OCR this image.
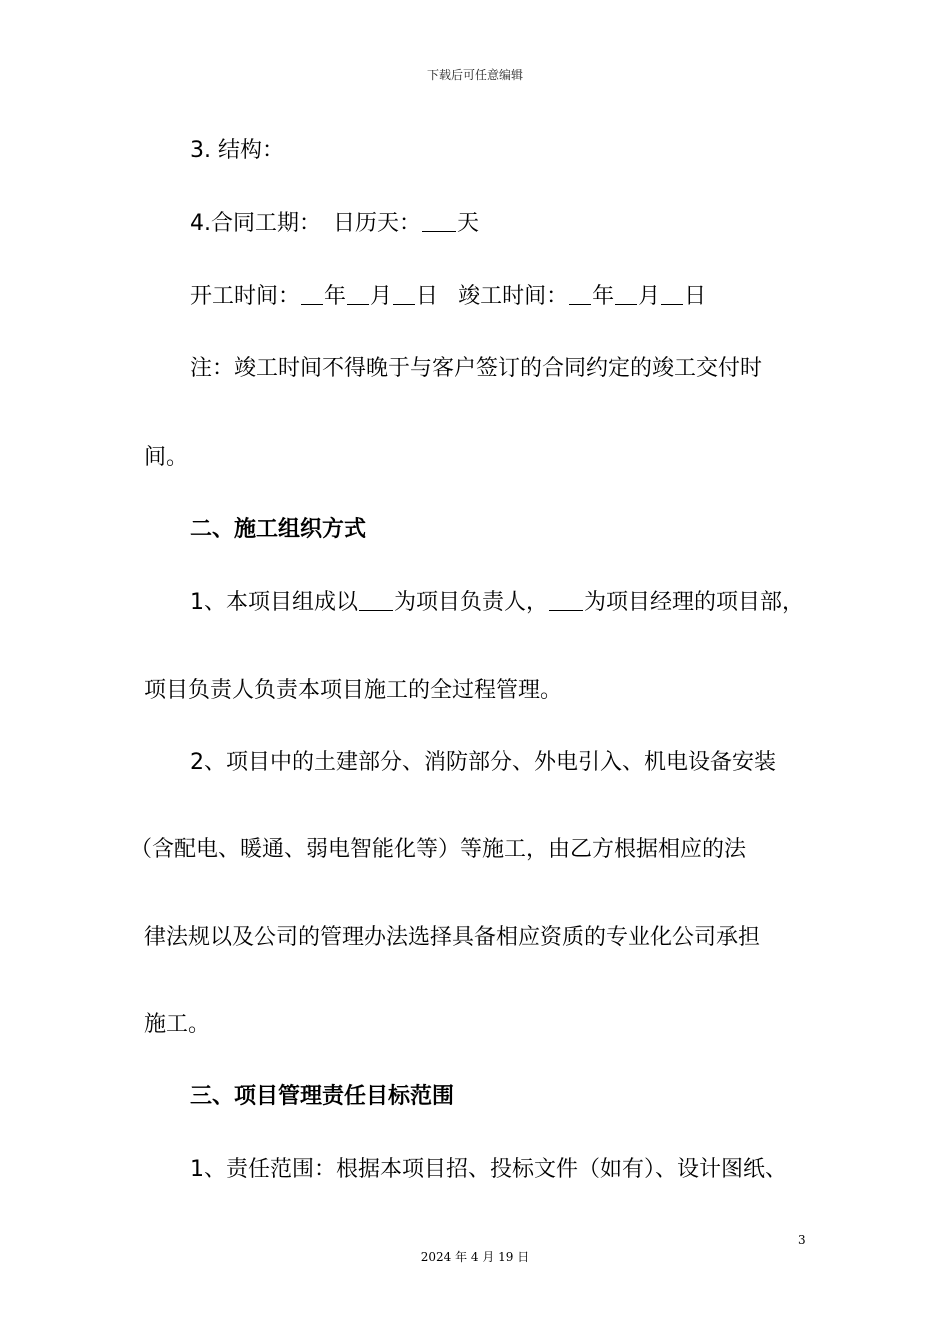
下载后可任意编辑
3. 结构：
4.合同工期： 日历天： 天
开工时间： 年 月 日 竣工时间： 年 月 日
注：竣工时间不得晚于与客户签订的合同约定的竣工交付时
间。
二、施工组织方式
1、本项目组成以 为项目负责人， 为项目经理的项目部，
项目负责人负责本项目施工的全过程管理。
2、项目中的土建部分、消防部分、外电引入、机电设备安装
（含配电、暖通、弱电智能化等）等施工，由乙方根据相应的法
律法规以及公司的管理办法选择具备相应资质的专业化公司承担
施工。
三、项目管理责任目标范围
1、责任范围：根据本项目招、投标文件（如有）、设计图纸、
3
2024 年 4 月 19 日
